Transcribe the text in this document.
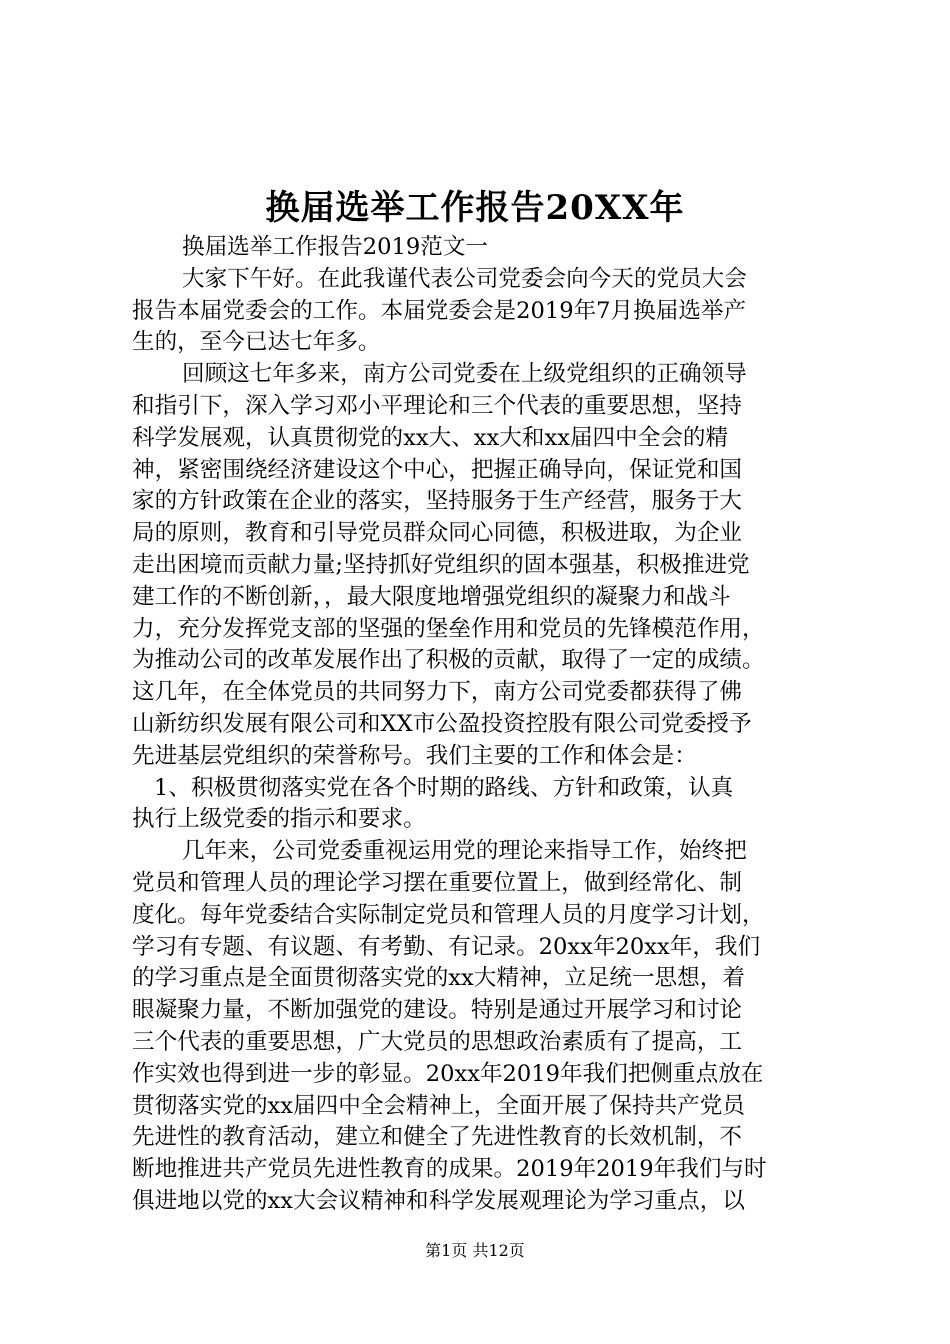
换届选举工作报告20XX年
换届选举工作报告2019范文一
大家下午好。在此我谨代表公司党委会向今天的党员大会
报告本届党委会的工作。本届党委会是2019年7月换届选举产
生的，至今已达七年多。
回顾这七年多来，南方公司党委在上级党组织的正确领导
和指引下，深入学习邓小平理论和三个代表的重要思想，坚持
科学发展观，认真贯彻党的xx大、xx大和xx届四中全会的精
神，紧密围绕经济建设这个中心，把握正确导向，保证党和国
家的方针政策在企业的落实，坚持服务于生产经营，服务于大
局的原则，教育和引导党员群众同心同德，积极进取，为企业
走出困境而贡献力量;坚持抓好党组织的固本强基，积极推进党
建工作的不断创新，，最大限度地增强党组织的凝聚力和战斗
力，充分发挥党支部的坚强的堡垒作用和党员的先锋模范作用，
为推动公司的改革发展作出了积极的贡献，取得了一定的成绩。
这几年，在全体党员的共同努力下，南方公司党委都获得了佛
山新纺织发展有限公司和XX市公盈投资控股有限公司党委授予
先进基层党组织的荣誉称号。我们主要的工作和体会是：
1、积极贯彻落实党在各个时期的路线、方针和政策，认真
执行上级党委的指示和要求。
几年来，公司党委重视运用党的理论来指导工作，始终把
党员和管理人员的理论学习摆在重要位置上，做到经常化、制
度化。每年党委结合实际制定党员和管理人员的月度学习计划，
学习有专题、有议题、有考勤、有记录。20xx年20xx年，我们
的学习重点是全面贯彻落实党的xx大精神，立足统一思想，着
眼凝聚力量，不断加强党的建设。特别是通过开展学习和讨论
三个代表的重要思想，广大党员的思想政治素质有了提高，工
作实效也得到进一步的彰显。20xx年2019年我们把侧重点放在
贯彻落实党的xx届四中全会精神上，全面开展了保持共产党员
先进性的教育活动，建立和健全了先进性教育的长效机制，不
断地推进共产党员先进性教育的成果。2019年2019年我们与时
俱进地以党的xx大会议精神和科学发展观理论为学习重点，以
第1页 共12页
